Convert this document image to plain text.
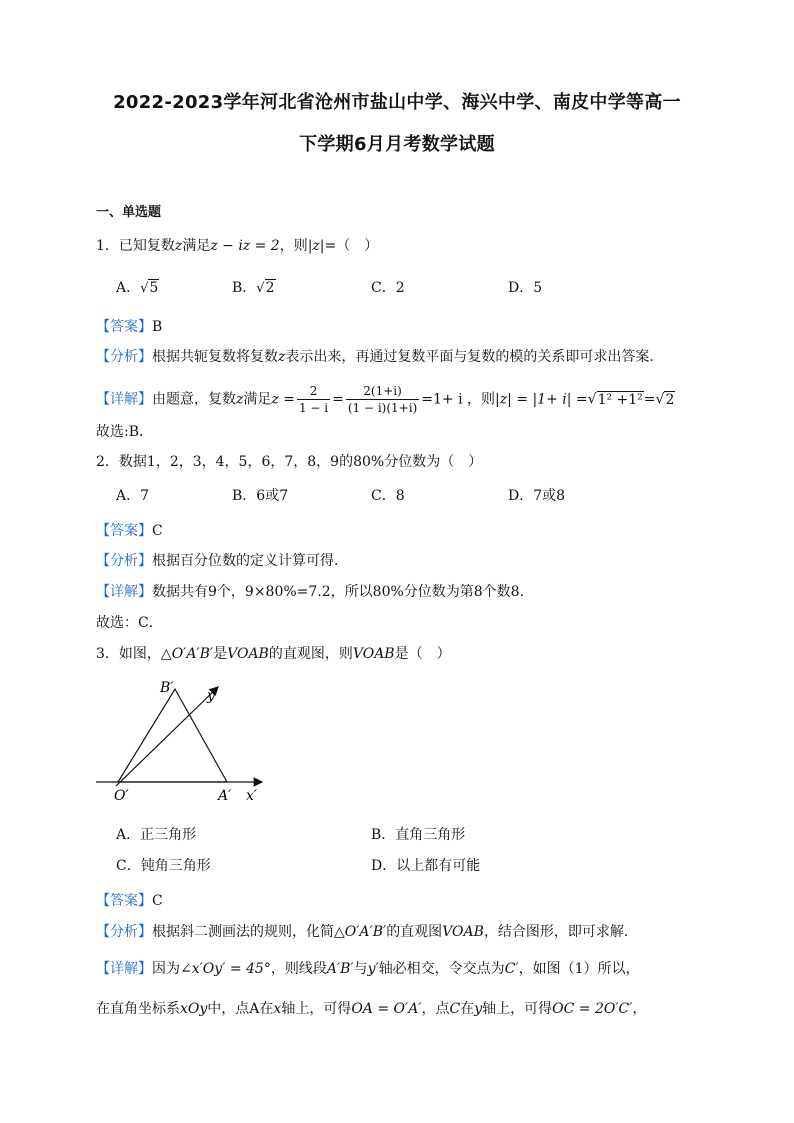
2022-2023学年河北省沧州市盐山中学、海兴中学、南皮中学等高一
下学期6月月考数学试题
一、单选题
1．已知复数z满足z − iz = 2，则|z|=（　）
A．√5	B．√2	C．2	D．5
【答案】B
【分析】根据共轭复数将复数z表示出来，再通过复数平面与复数的模的关系即可求出答案.
【详解】由题意，复数z满足$z = \frac{2}{1 - i} = \frac{2(1+i)}{(1 - i)(1+i)} =1+ i$ ，则|z| = |1+ i| =√1² +1²=√2
故选:B．
2．数据1，2，3，4，5，6，7，8，9的80%分位数为（　）
A．7	B．6或7	C．8	D．7或8
【答案】C
【分析】根据百分位数的定义计算可得.
【详解】数据共有9个，9×80%=7.2，所以80%分位数为第8个数8．
故选：C．
3．如图，△O′A′B′是VOAB的直观图，则VOAB是（　）
B′ y′
O′	A′ x′
A．正三角形	B．直角三角形
C．钝角三角形	D．以上都有可能
【答案】C
【分析】根据斜二测画法的规则，化简△O′A′B′的直观图VOAB，结合图形，即可求解.
【详解】因为∠x′Oy′ = 45°，则线段A′B′与y′轴必相交，令交点为C′，如图（1）所以，
在直角坐标系xOy中，点A在x轴上，可得OA = O′A′，点C在y轴上，可得OC = 2O′C′，
